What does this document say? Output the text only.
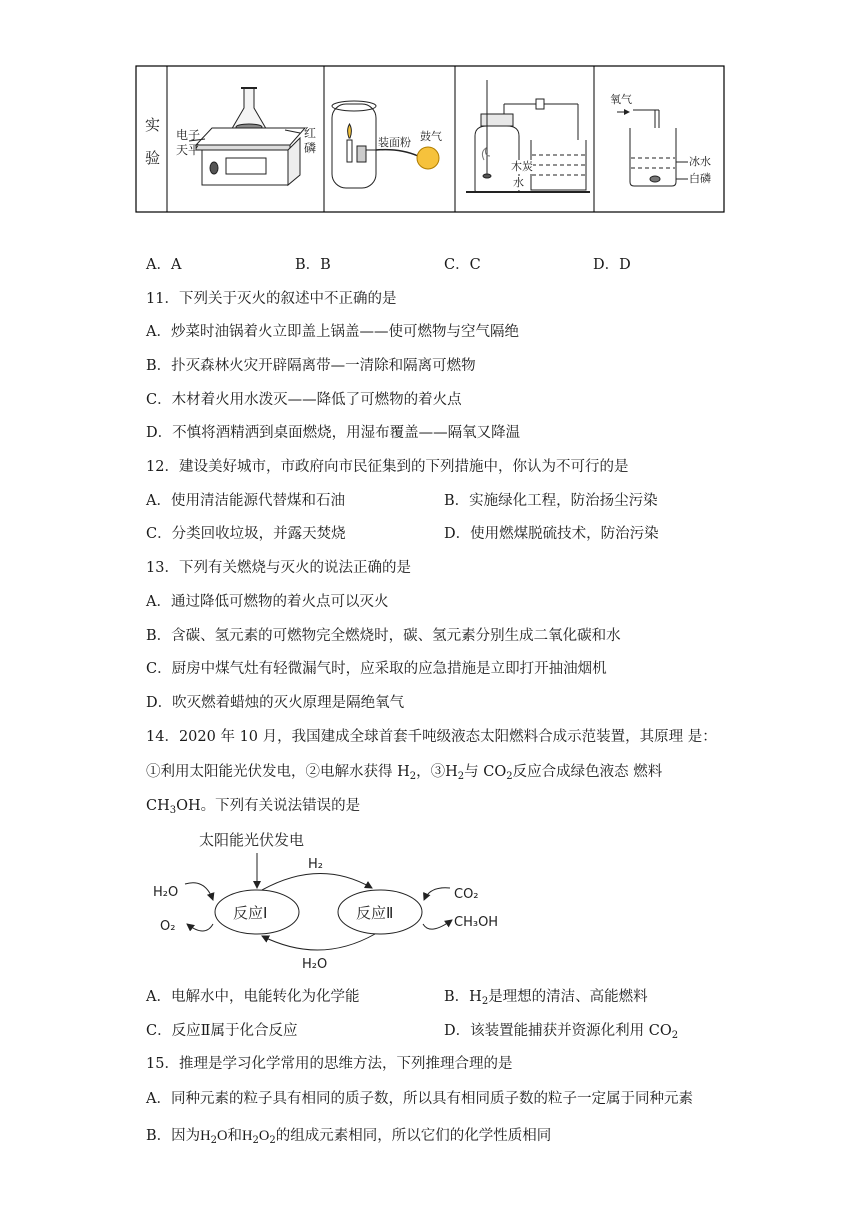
实
验
电子
天平
红
磷	装面粉 鼓气
木炭
水
氧气
冰水
白磷
A．A	B．B	C．C	D．D
11．下列关于灭火的叙述中不正确的是
A．炒菜时油锅着火立即盖上锅盖——使可燃物与空气隔绝
B．扑灭森林火灾开辟隔离带—一清除和隔离可燃物
C．木材着火用水泼灭——降低了可燃物的着火点
D．不慎将酒精洒到桌面燃烧，用湿布覆盖——隔氧又降温
12．建设美好城市，市政府向市民征集到的下列措施中，你认为不可行的是
A．使用清洁能源代替煤和石油	B．实施绿化工程，防治扬尘污染
C．分类回收垃圾，并露天焚烧	D．使用燃煤脱硫技术，防治污染
13．下列有关燃烧与灭火的说法正确的是
A．通过降低可燃物的着火点可以灭火
B．含碳、氢元素的可燃物完全燃烧时，碳、氢元素分别生成二氧化碳和水
C．厨房中煤气灶有轻微漏气时，应采取的应急措施是立即打开抽油烟机
D．吹灭燃着蜡烛的灭火原理是隔绝氧气
14．2020 年 10 月，我国建成全球首套千吨级液态太阳燃料合成示范装置，其原理 是：
①利用太阳能光伏发电，②电解水获得 $H_2$，$③H_2$与 $CO_2$反应合成绿色液态 燃料
$CH_3OH$。下列有关说法错误的是
太阳能光伏发电
H₂
H₂O
O₂
反应Ⅰ	反应Ⅱ
CO₂
CH₃OH
H₂O
A．电解水中，电能转化为化学能	B．$H_2$是理想的清洁、高能燃料
C．反应Ⅱ属于化合反应	D．该装置能捕获并资源化利用 $CO_2$
15．推理是学习化学常用的思维方法，下列推理合理的是
A．同种元素的粒子具有相同的质子数，所以具有相同质子数的粒子一定属于同种元素
B．因为$H_2O$和$H_2O_2$的组成元素相同，所以它们的化学性质相同
